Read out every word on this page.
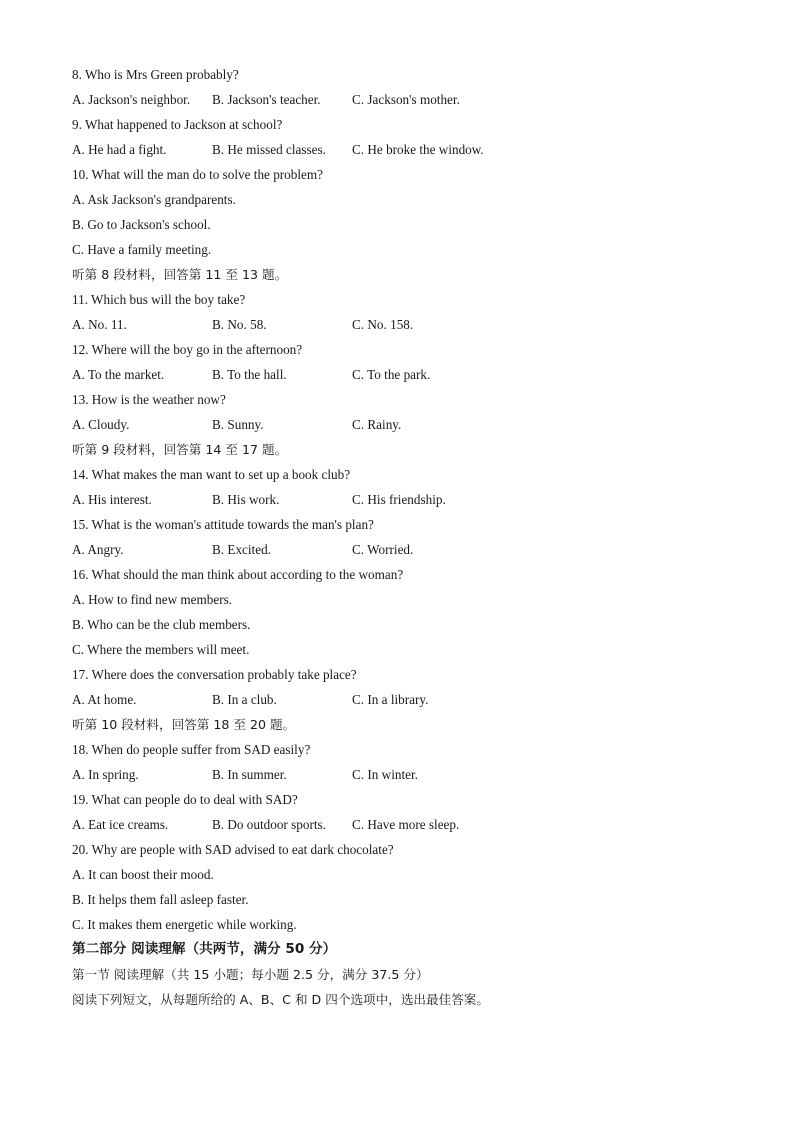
8. Who is Mrs Green probably?
A. Jackson's neighbor. B. Jackson's teacher. C. Jackson's mother.
9. What happened to Jackson at school?
A. He had a fight.	B. He missed classes. C. He broke the window.
10. What will the man do to solve the problem?
A. Ask Jackson's grandparents.
B. Go to Jackson's school.
C. Have a family meeting.
听第 8 段材料，回答第 11 至 13 题。
11. Which bus will the boy take?
A. No. 11.	B. No. 58.	C. No. 158.
12. Where will the boy go in the afternoon?
A. To the market.	B. To the hall.	C. To the park.
13. How is the weather now?
A. Cloudy.	B. Sunny.	C. Rainy.
听第 9 段材料，回答第 14 至 17 题。
14. What makes the man want to set up a book club?
A. His interest.	B. His work.	C. His friendship.
15. What is the woman's attitude towards the man's plan?
A. Angry.	B. Excited.	C. Worried.
16. What should the man think about according to the woman?
A. How to find new members.
B. Who can be the club members.
C. Where the members will meet.
17. Where does the conversation probably take place?
A. At home.	B. In a club.	C. In a library.
听第 10 段材料，回答第 18 至 20 题。
18. When do people suffer from SAD easily?
A. In spring.	B. In summer.	C. In winter.
19. What can people do to deal with SAD?
A. Eat ice creams.	B. Do outdoor sports. C. Have more sleep.
20. Why are people with SAD advised to eat dark chocolate?
A. It can boost their mood.
B. It helps them fall asleep faster.
C. It makes them energetic while working.
第二部分 阅读理解（共两节，满分 50 分）
第一节 阅读理解（共 15 小题；每小题 2.5 分，满分 37.5 分）
阅读下列短文，从每题所给的 A、B、C 和 D 四个选项中，选出最佳答案。
